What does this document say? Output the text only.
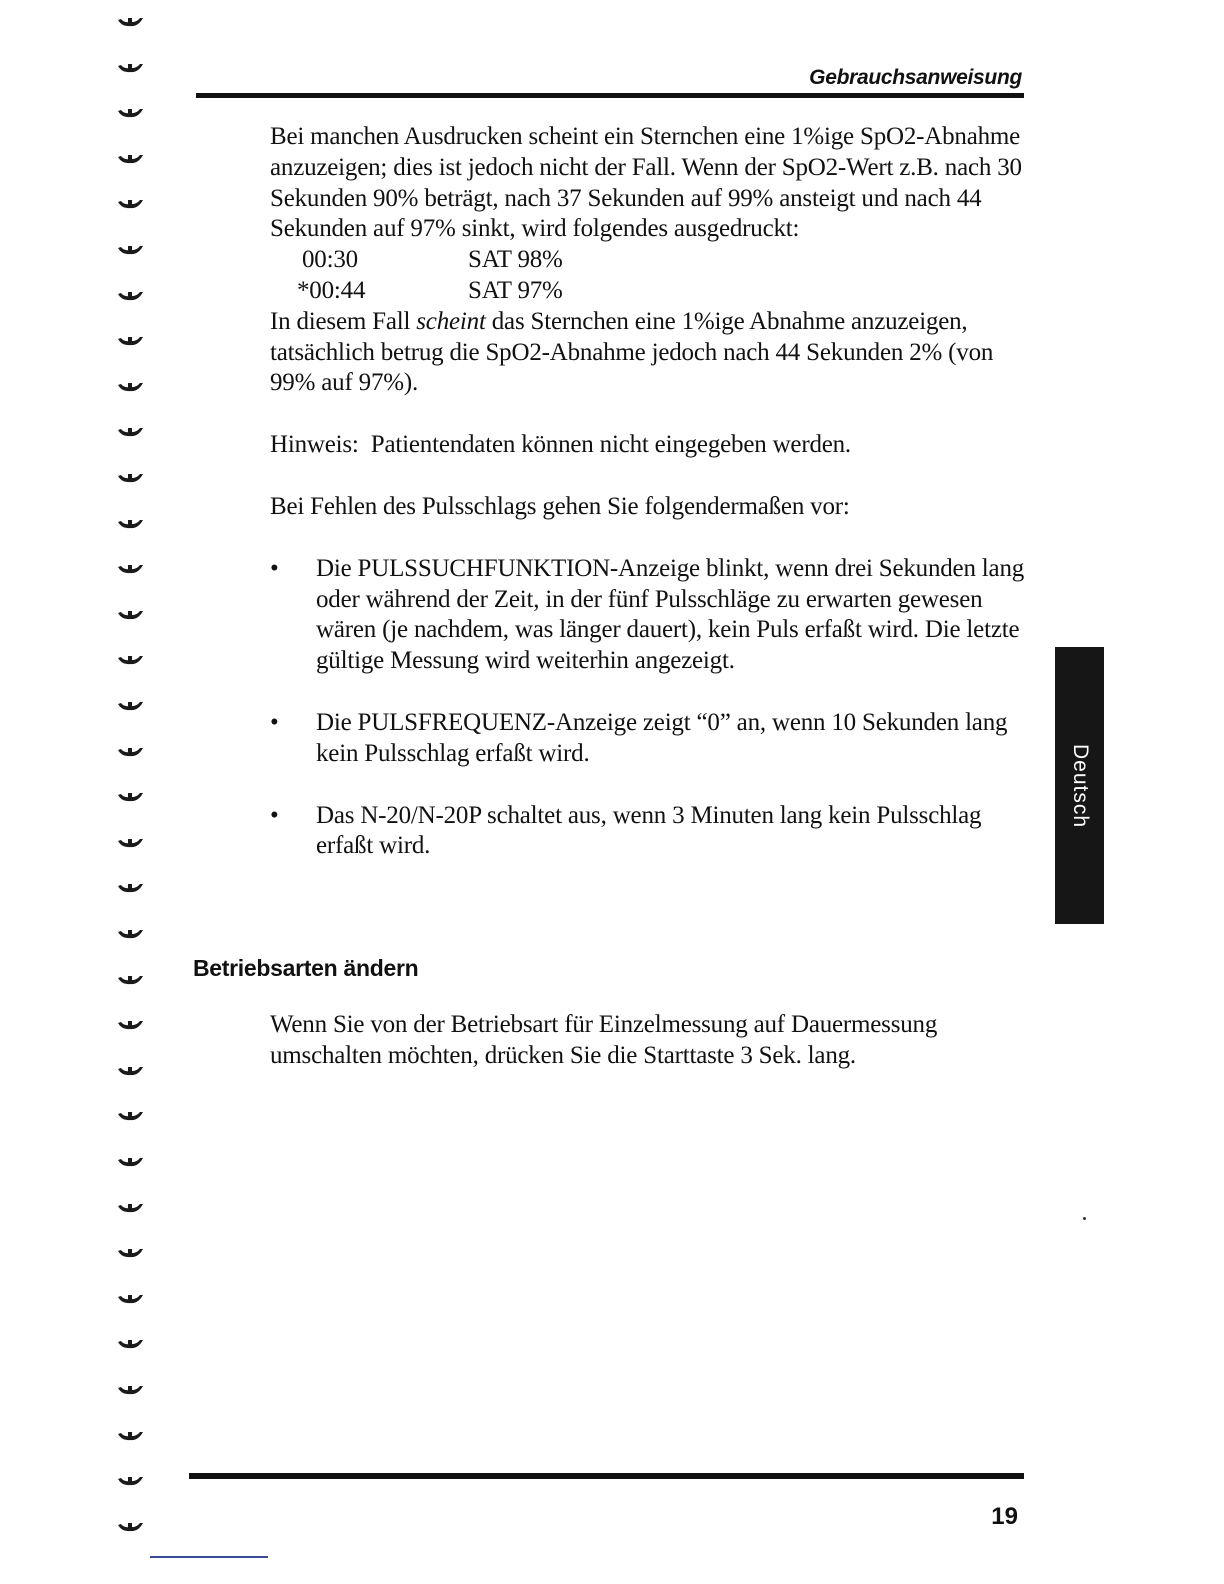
Gebrauchsanweisung

Bei manchen Ausdrucken scheint ein Sternchen eine 1%ige SpO2-Abnahme anzuzeigen; dies ist jedoch nicht der Fall. Wenn der SpO2-Wert z.B. nach 30 Sekunden 90% beträgt, nach 37 Sekunden auf 99% ansteigt und nach 44 Sekunden auf 97% sinkt, wird folgendes ausgedruckt:

00:30	SAT 98%
*00:44	SAT 97%

In diesem Fall scheint das Sternchen eine 1%ige Abnahme anzuzeigen, tatsächlich betrug die SpO2-Abnahme jedoch nach 44 Sekunden 2% (von 99% auf 97%).

Hinweis: Patientendaten können nicht eingegeben werden.

Bei Fehlen des Pulsschlags gehen Sie folgendermaßen vor:

•	Die PULSSUCHFUNKTION-Anzeige blinkt, wenn drei Sekunden lang oder während der Zeit, in der fünf Pulsschläge zu erwarten gewesen wären (je nachdem, was länger dauert), kein Puls erfaßt wird. Die letzte gültige Messung wird weiterhin angezeigt.
•	Die PULSFREQUENZ-Anzeige zeigt “0” an, wenn 10 Sekunden lang kein Pulsschlag erfaßt wird.
•	Das N-20/N-20P schaltet aus, wenn 3 Minuten lang kein Pulsschlag erfaßt wird.
Betriebsarten ändern

Wenn Sie von der Betriebsart für Einzelmessung auf Dauermessung umschalten möchten, drücken Sie die Starttaste 3 Sek. lang.

Deutsch
19
